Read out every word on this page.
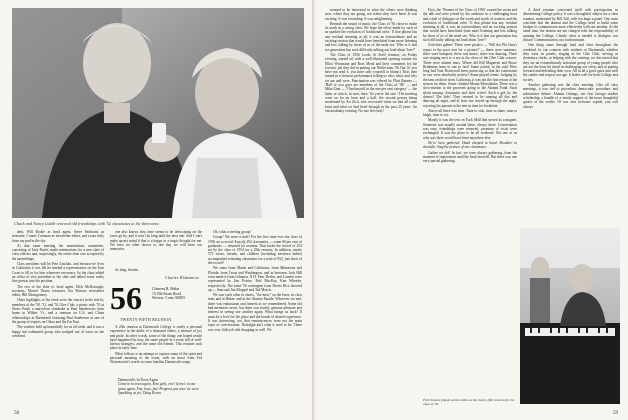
Chuck and Nancy Liddle renewed old friendships with '52 classmates at the threesome.

dent, Will Rooke as head agent, Steve Parkhurst as treasurer, Connie Carsman as newsletter editor, and yours truly from my pad in the sky.

At that same meeting the nominations committee, consisting of Jack Boyle, made nominations for a new slate of class officers and, surprisingly, the entire slate was accepted by the assemblage.

Class president will be Pete Zinchko, and because he lives in California it was felt he needed a representative on the East Coast to fill in for him whenever necessary. So the class added an office of vice president to the slate and talked some really fine person into the position.

The rest of the slate is: head agent, Dick McDonough; secretary, Marcel Thorn; treasurer, Jon Watson; newsletter editor, Bill Montgomery.

Other highlights of the week were the concert in the tent by members of the '50, '51, and '52 Glee Club, a picnic with '53 at Storrs Pond, a marvelous clambake at Paul Sanderson's farm home in Wilder, Vt., and a seminar on U.S. and China relationships at Dartmouth featuring Paul Sanderson as one of the group of experts on China and the Far East.

The weather held up beautifully for us all week, and it was a happy but exhausted group who trudged out of town on the weekend.

one also knows how time seems to be telescoping on the years go by, and it won't be long until the next one. And I can't make up my mind if that is a happy or a tragic thought for me. We have no other choice to one day we will have our memories.

So long, friends.

Charles Blakemore
56	Clement B. Malin
15 Old Stone Road
Weston, Conn. 06883
TWENTY-FIFTH REUNION

A 25th reunion at Dartmouth College is surely a personal experience in the midst of a thousand others, a mixture of joy and pride. In other words, some of the things one hoped would have happened by now, the same people in a room full of well-known strangers, and the same old friends. This reunion took place in early June.

What follows is an attempt to capture some of the spirit and personal meaning of the event, with an assist from Ted Warrenstock's words in some familiar Dartmouth songs:

Dartmouth's In Town Again
Come in to town again, Row girls, row! Grow's in our grass again, Fun, boys, fun! Progress you once we were. Sparkling as yet, Doug Kearn.

Oh, what a sterling group!

Group? We were a mob! For the first time ever the class of 1956 set a record. Exactly 292 classmates — some 60 per cent of graduates — returned for reunion. That broke the record of 254 set by the class of 1954 for a 25th reunion. In addition, nearly 575 wives, friends, and children (including newborn babes) accompanied returning classmates for a total of 852, just short of the record!

We came from Maine and California, from Minnesota and Florida, from Texas and Washington, and in between. Jack Hill even made it from Lebanon, N.H. Pam, Berlin, and London were represented by Jim Poirier, Bob MacKay, Ken Wheeler, respectively. The same '56 contingent from Puerto Rico showed up — Sam and Jim Kluppel and Ted Morris.

We saw each other in shorts, "the men," on the lawn, in class tents and in Baker, and in the Alumni Parade. Wherever we met, there was enthusiasm and interest as we remembered. Some old bad memories arose, but there was mostly genuine pleasure and interest in seeing one another again. What brings us back? It must be a love for the place and the bonds of shared experience. It was interesting, too, that reminiscences were not the main topic of conversation. Nostalgia ain't what it used to be. There was very little job title dropping as well. We

58

seemed to be interested in what the others were thinking now, where they are going, not where they have been. It was exciting. It was rewarding. It was enlightening.

Beneath the sound of music, the Class of '56 chose to make its mark as a caring class. We hope the effort made by each of us sparked the evolution of 'traditional roles.' If that phrase has any residual meaning at all, it was an extraordinary and an exciting session that would have benefitted from more listening and less talking by those of us of the male sex. Who is it that we generation has such difficulty talking out loud about 'love?'

The Class of 1956 Looks At Itself seminar, on Friday evening, started off with a well-illustrated opening routine for Elliot Wissmann and Ross Mead and their comments for the forensic job they did in putting our 'Reflections '56 Our' (if you have not read it, you have only yourself to blame.) Ross then turned in a virtuoso performance telling us who, what, and why we are and were. Punctuation was offered by Flint Ranney — 'Half of you guys are members of the Class of '58!' — and Mike Zinn — 'I find myself in the one per cent category' — the latter of which, in turn, drew 'So you're the one.' The meeting went on for an hour and a half, the second person being moderated by Art Zich, who recovered when we had all come from and what we had lived through in the past 25 years. An extraordinary evening. No one left early!

First, the 'Women of the Class of 1956' owned the room and the talk and were joined by the audience to a challenging hour and a half of dialogue on the worth and worth of women, and the evolution of 'traditional roles.' If that phrase has any residual meaning at all, it was an extraordinary and an exciting session that would have benefitted from more listening and less talking by those of us of the male sex. Who is it that our generation has such difficulty talking out loud about 'love'?

Activities galore! There were picnics — 'Will the Phi Gam's report to the poor tent for a picture?' — there were seminars, there were banquets, there was music, there was dancing. There was singing next to a sea at the close of the Glee Club concert. There were alumni tours. Where did Bill Magarrett and Bruce Brinkman learn to run so fast? Some joined, in the rain! How long had Tom Roosewall been practicing so that his contestants in raw were absolutely perfect? Some played tennis. Judging by the tans on those from California, it was not the first return of the season for them. Some climbed Mount Moosilauke. There was a slow-motion to the proceeds going to the Alumni Fund. Such silent unsung classmates and their wives! Such a gift by the donors! The kids! They seemed to be running all day and dancing all night, and at least one stayed up through the night, rejoicing his parents at the tent in time for breakfast.

Above all there was time. Time to visit, time to share, time to laugh, time to cry.

Mostly it was the tent on Tuck Mall that served as a magnet. Someone was usually around there, always there. Conversation was easy, friendships were renewed, promises of visits were exchanged. It was the place to be all weekend. Not one of us who was there would have been anywhere else.

We've been gathered. Hand clasped in hand. Shoulder to shoulder. Sing the praises of our classmates.

Gather we did! In fact, we were always gathering, from the moment of registration until the final farewell. But there was one very special gathering.

A third seminar concerned itself with participation in determining College policy. It was a thoughtful subject for a class reunion, moderated by Bill Tull, with ten large a panel. One must conclude that the alumni and the College need to build some bridges to communicate more effectively with one another. At the same time, the alumni are not charged with the responsibility of running the College. Clearly what is needed is dialogue, not dictate. Communication, not confrontation.

One thing came through loud and clear throughout the weekend. In our contacts with students at Dartmouth, whether they were on panels, singing in the Glee Club, serving as dormitory clerks, or helping with the catering, we discovered that they are an extraordinarily articulate group of young people who are not the least bit timid in challenging our views and in putting forward and defending their own. All in all a good spirit and with the candor and respect our age. It bodes well for both College and society.

Another gathering was the class meeting. Like all class meetings, it was tied to procedure, democratic procedure, and substantive debate. Alumni Outings, our first foreign student scholarship, a bundle of a steady support of the more thoughtful quotes of the weeks. Of our own in-house capital, you will always

Fritz Simons played all the oldies at the twenty-fifth reunion for the class of '56.
59
